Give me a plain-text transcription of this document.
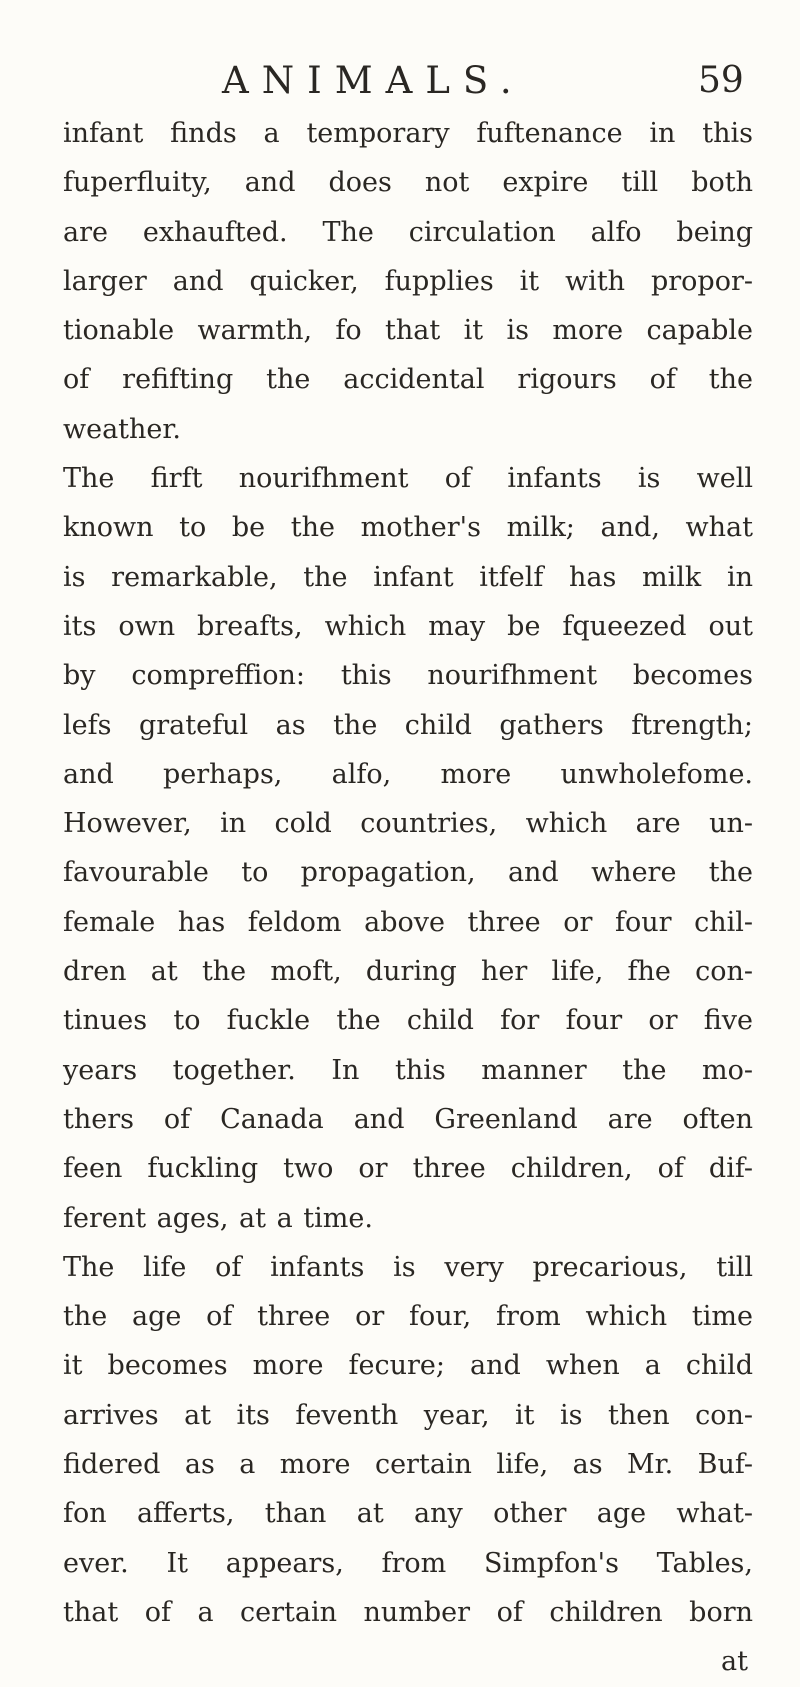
ANIMALS.	59
infant finds a temporary fuftenance in this
fuperfluity, and does not expire till both
are exhaufted. The circulation alfo being
larger and quicker, fupplies it with propor-
tionable warmth, fo that it is more capable
of refifting the accidental rigours of the
weather.
The firft nourifhment of infants is well
known to be the mother's milk; and, what
is remarkable, the infant itfelf has milk in
its own breafts, which may be fqueezed out
by compreffion: this nourifhment becomes
lefs grateful as the child gathers ftrength;
and perhaps, alfo, more unwholefome.
However, in cold countries, which are un-
favourable to propagation, and where the
female has feldom above three or four chil-
dren at the moft, during her life, fhe con-
tinues to fuckle the child for four or five
years together. In this manner the mo-
thers of Canada and Greenland are often
feen fuckling two or three children, of dif-
ferent ages, at a time.
The life of infants is very precarious, till
the age of three or four, from which time
it becomes more fecure; and when a child
arrives at its feventh year, it is then con-
fidered as a more certain life, as Mr. Buf-
fon afferts, than at any other age what-
ever. It appears, from Simpfon's Tables,
that of a certain number of children born
at
